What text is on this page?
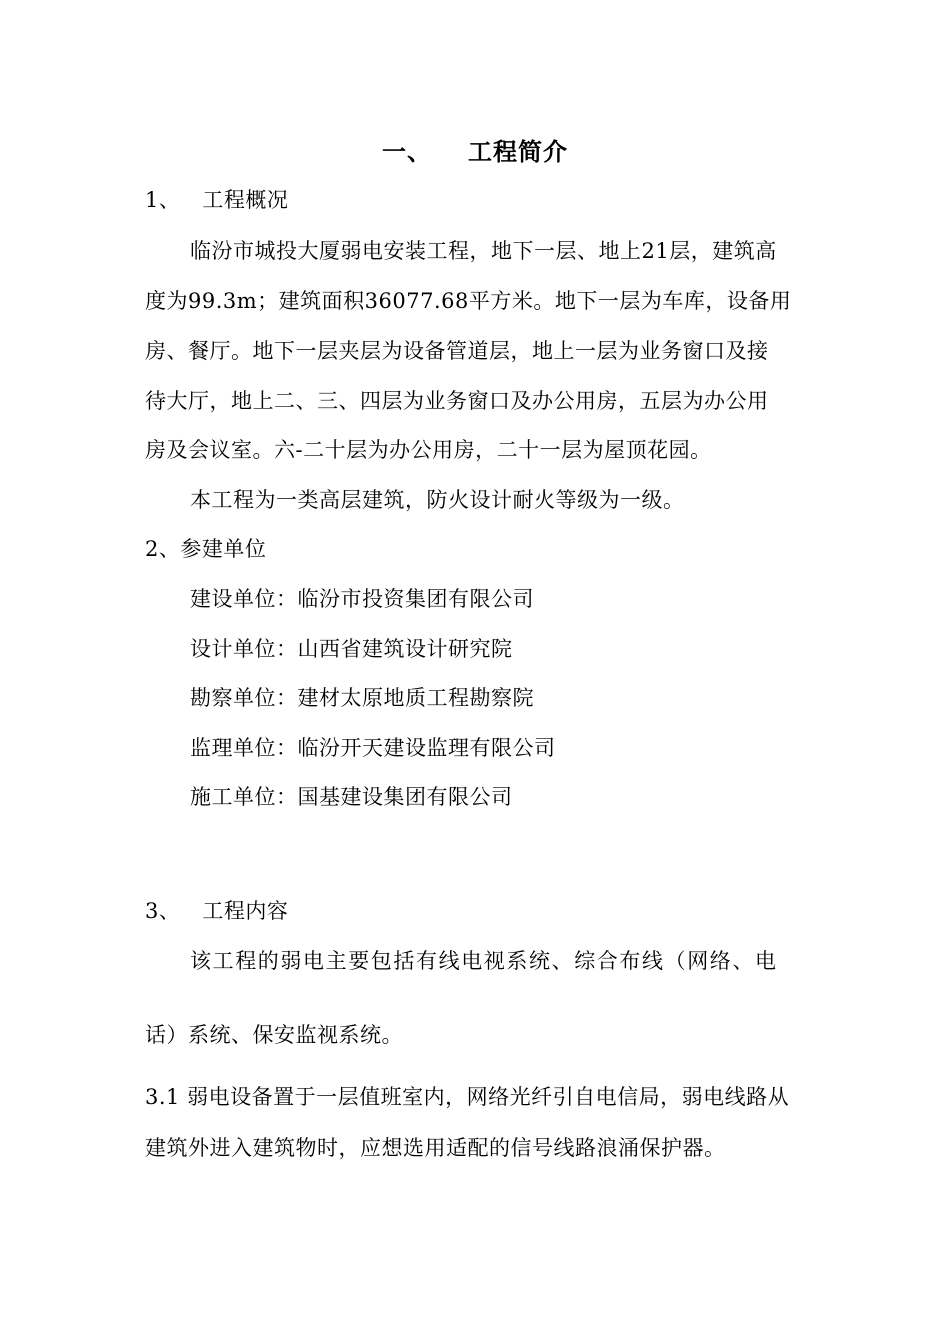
一、 工程简介
1、 工程概况
临汾市城投大厦弱电安装工程，地下一层、地上21层，建筑高
度为99.3m；建筑面积36077.68平方米。地下一层为车库，设备用
房、餐厅。地下一层夹层为设备管道层，地上一层为业务窗口及接
待大厅，地上二、三、四层为业务窗口及办公用房，五层为办公用
房及会议室。六-二十层为办公用房，二十一层为屋顶花园。
本工程为一类高层建筑，防火设计耐火等级为一级。
2、参建单位
建设单位：临汾市投资集团有限公司
设计单位：山西省建筑设计研究院
勘察单位：建材太原地质工程勘察院
监理单位：临汾开天建设监理有限公司
施工单位：国基建设集团有限公司
3、 工程内容
该工程的弱电主要包括有线电视系统、综合布线（网络、电
话）系统、保安监视系统。
3.1 弱电设备置于一层值班室内，网络光纤引自电信局，弱电线路从
建筑外进入建筑物时，应想选用适配的信号线路浪涌保护器。
